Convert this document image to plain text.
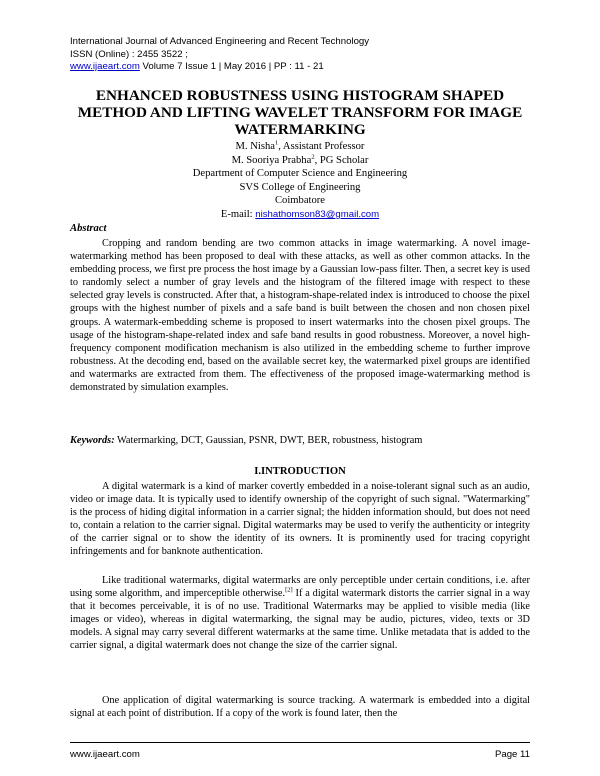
International Journal of Advanced Engineering and Recent Technology
ISSN (Online) : 2455 3522 ;
www.ijaeart.com Volume 7 Issue 1 | May 2016 | PP : 11 - 21
ENHANCED ROBUSTNESS USING HISTOGRAM SHAPED METHOD AND LIFTING WAVELET TRANSFORM FOR IMAGE WATERMARKING
M. Nisha$^1$, Assistant Professor
M. Sooriya Prabha$^2$, PG Scholar
Department of Computer Science and Engineering
SVS College of Engineering
Coimbatore
E-mail: nishathomson83@gmail.com
Abstract
Cropping and random bending are two common attacks in image watermarking. A novel image-watermarking method has been proposed to deal with these attacks, as well as other common attacks. In the embedding process, we first pre process the host image by a Gaussian low-pass filter. Then, a secret key is used to randomly select a number of gray levels and the histogram of the filtered image with respect to these selected gray levels is constructed. After that, a histogram-shape-related index is introduced to choose the pixel groups with the highest number of pixels and a safe band is built between the chosen and non chosen pixel groups. A watermark-embedding scheme is proposed to insert watermarks into the chosen pixel groups. The usage of the histogram-shape-related index and safe band results in good robustness. Moreover, a novel high-frequency component modification mechanism is also utilized in the embedding scheme to further improve robustness. At the decoding end, based on the available secret key, the watermarked pixel groups are identified and watermarks are extracted from them. The effectiveness of the proposed image-watermarking method is demonstrated by simulation examples.
Keywords: Watermarking, DCT, Gaussian, PSNR, DWT, BER, robustness, histogram
I.INTRODUCTION
A digital watermark is a kind of marker covertly embedded in a noise-tolerant signal such as an audio, video or image data. It is typically used to identify ownership of the copyright of such signal. "Watermarking" is the process of hiding digital information in a carrier signal; the hidden information should, but does not need to, contain a relation to the carrier signal. Digital watermarks may be used to verify the authenticity or integrity of the carrier signal or to show the identity of its owners. It is prominently used for tracing copyright infringements and for banknote authentication.
Like traditional watermarks, digital watermarks are only perceptible under certain conditions, i.e. after using some algorithm, and imperceptible otherwise.[2] If a digital watermark distorts the carrier signal in a way that it becomes perceivable, it is of no use. Traditional Watermarks may be applied to visible media (like images or video), whereas in digital watermarking, the signal may be audio, pictures, video, texts or 3D models. A signal may carry several different watermarks at the same time. Unlike metadata that is added to the carrier signal, a digital watermark does not change the size of the carrier signal.
One application of digital watermarking is source tracking. A watermark is embedded into a digital signal at each point of distribution. If a copy of the work is found later, then the
www.ijaeart.com	Page 11
